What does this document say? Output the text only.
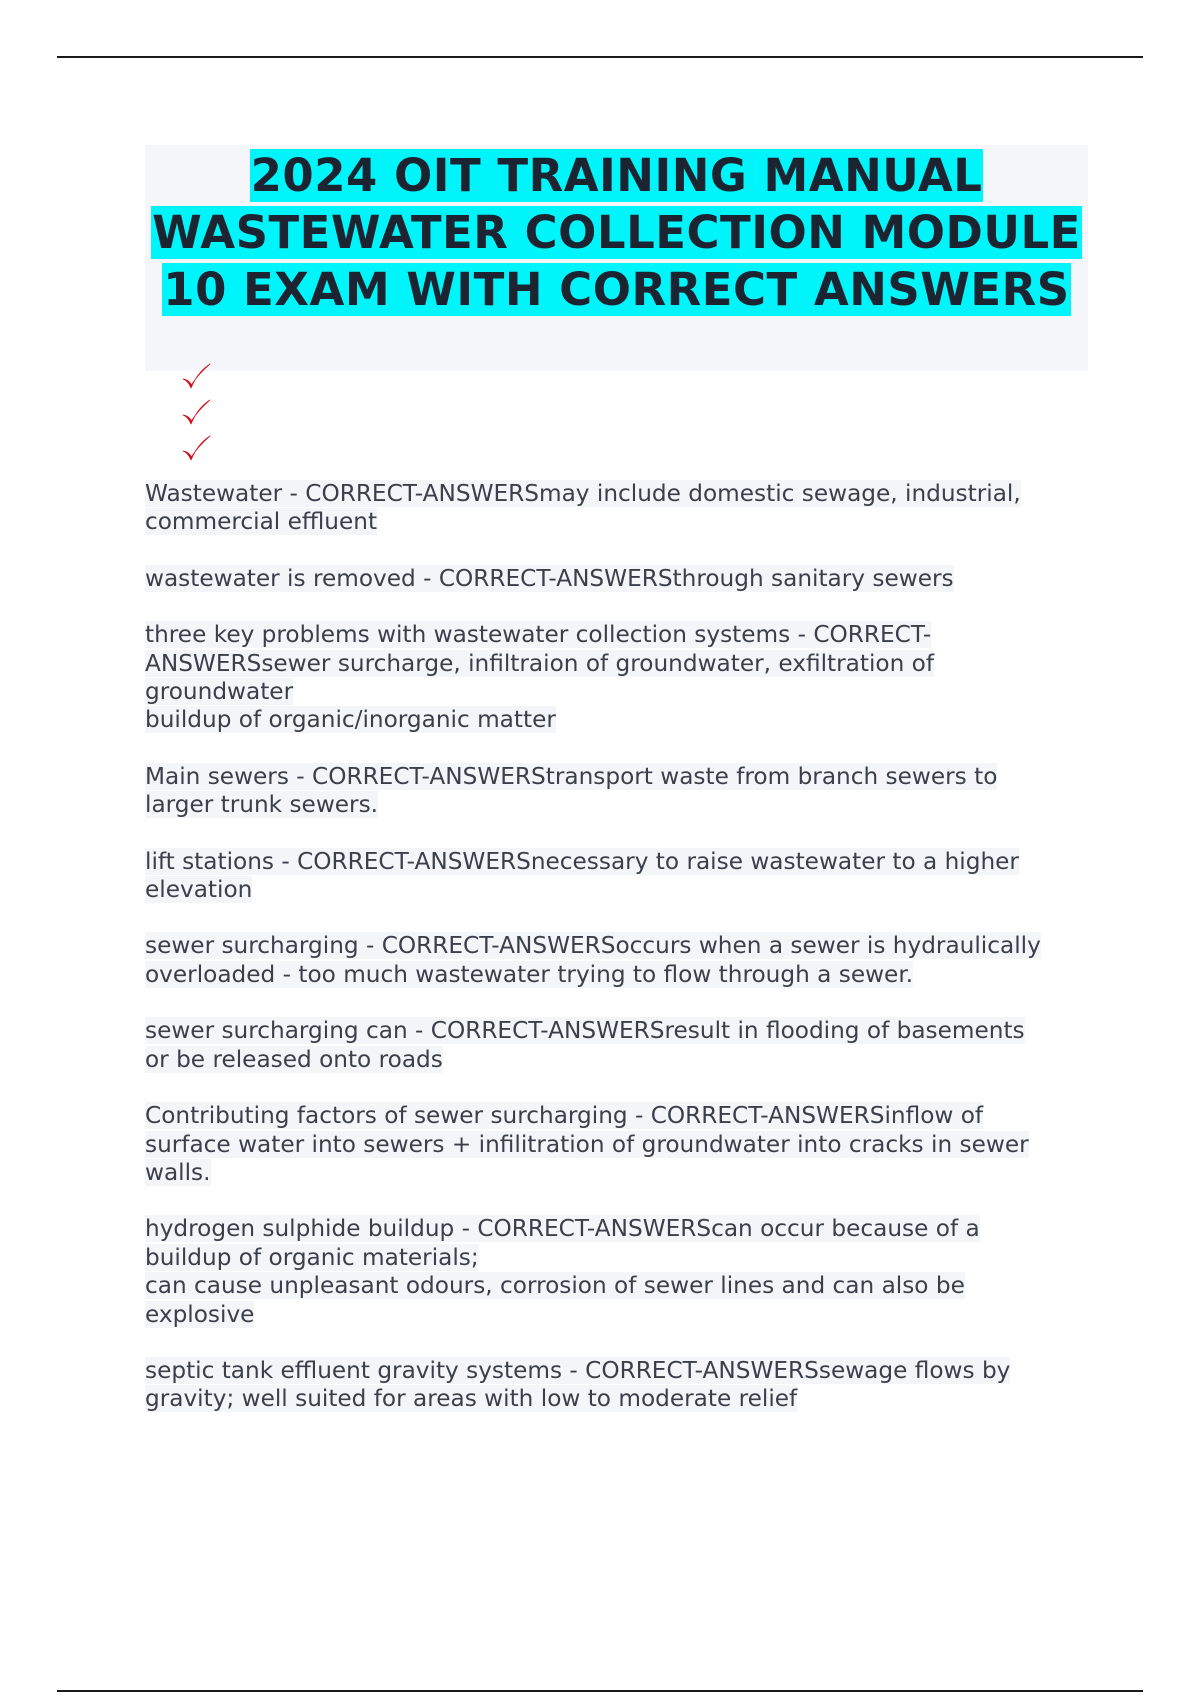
2024 OIT TRAINING MANUAL WASTEWATER COLLECTION MODULE 10 EXAM WITH CORRECT ANSWERS
Wastewater - CORRECT-ANSWERSmay include domestic sewage, industrial,
commercial effluent
wastewater is removed - CORRECT-ANSWERSthrough sanitary sewers
three key problems with wastewater collection systems - CORRECT-
ANSWERSsewer surcharge, infiltraion of groundwater, exfiltration of
groundwater
buildup of organic/inorganic matter
Main sewers - CORRECT-ANSWERStransport waste from branch sewers to
larger trunk sewers.
lift stations - CORRECT-ANSWERSnecessary to raise wastewater to a higher
elevation
sewer surcharging - CORRECT-ANSWERSoccurs when a sewer is hydraulically
overloaded - too much wastewater trying to flow through a sewer.
sewer surcharging can - CORRECT-ANSWERSresult in flooding of basements
or be released onto roads
Contributing factors of sewer surcharging - CORRECT-ANSWERSinflow of
surface water into sewers + infilitration of groundwater into cracks in sewer
walls.
hydrogen sulphide buildup - CORRECT-ANSWERScan occur because of a
buildup of organic materials;
can cause unpleasant odours, corrosion of sewer lines and can also be
explosive
septic tank effluent gravity systems - CORRECT-ANSWERSsewage flows by
gravity; well suited for areas with low to moderate relief
